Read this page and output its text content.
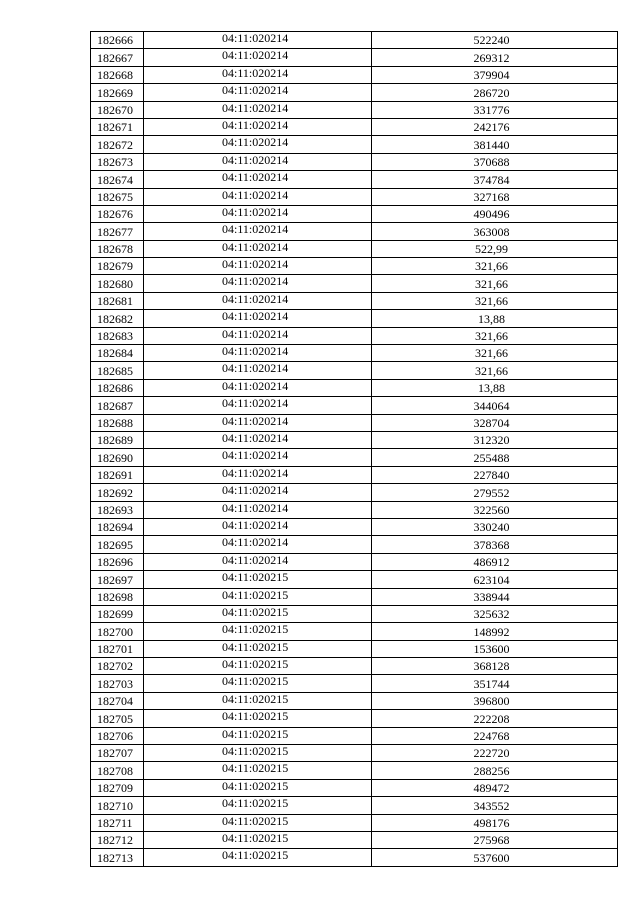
182666	04:11:020214	522240
182667	04:11:020214	269312
182668	04:11:020214	379904
182669	04:11:020214	286720
182670	04:11:020214	331776
182671	04:11:020214	242176
182672	04:11:020214	381440
182673	04:11:020214	370688
182674	04:11:020214	374784
182675	04:11:020214	327168
182676	04:11:020214	490496
182677	04:11:020214	363008
182678	04:11:020214	522,99
182679	04:11:020214	321,66
182680	04:11:020214	321,66
182681	04:11:020214	321,66
182682	04:11:020214	13,88
182683	04:11:020214	321,66
182684	04:11:020214	321,66
182685	04:11:020214	321,66
182686	04:11:020214	13,88
182687	04:11:020214	344064
182688	04:11:020214	328704
182689	04:11:020214	312320
182690	04:11:020214	255488
182691	04:11:020214	227840
182692	04:11:020214	279552
182693	04:11:020214	322560
182694	04:11:020214	330240
182695	04:11:020214	378368
182696	04:11:020214	486912
182697	04:11:020215	623104
182698	04:11:020215	338944
182699	04:11:020215	325632
182700	04:11:020215	148992
182701	04:11:020215	153600
182702	04:11:020215	368128
182703	04:11:020215	351744
182704	04:11:020215	396800
182705	04:11:020215	222208
182706	04:11:020215	224768
182707	04:11:020215	222720
182708	04:11:020215	288256
182709	04:11:020215	489472
182710	04:11:020215	343552
182711	04:11:020215	498176
182712	04:11:020215	275968
182713	04:11:020215	537600
